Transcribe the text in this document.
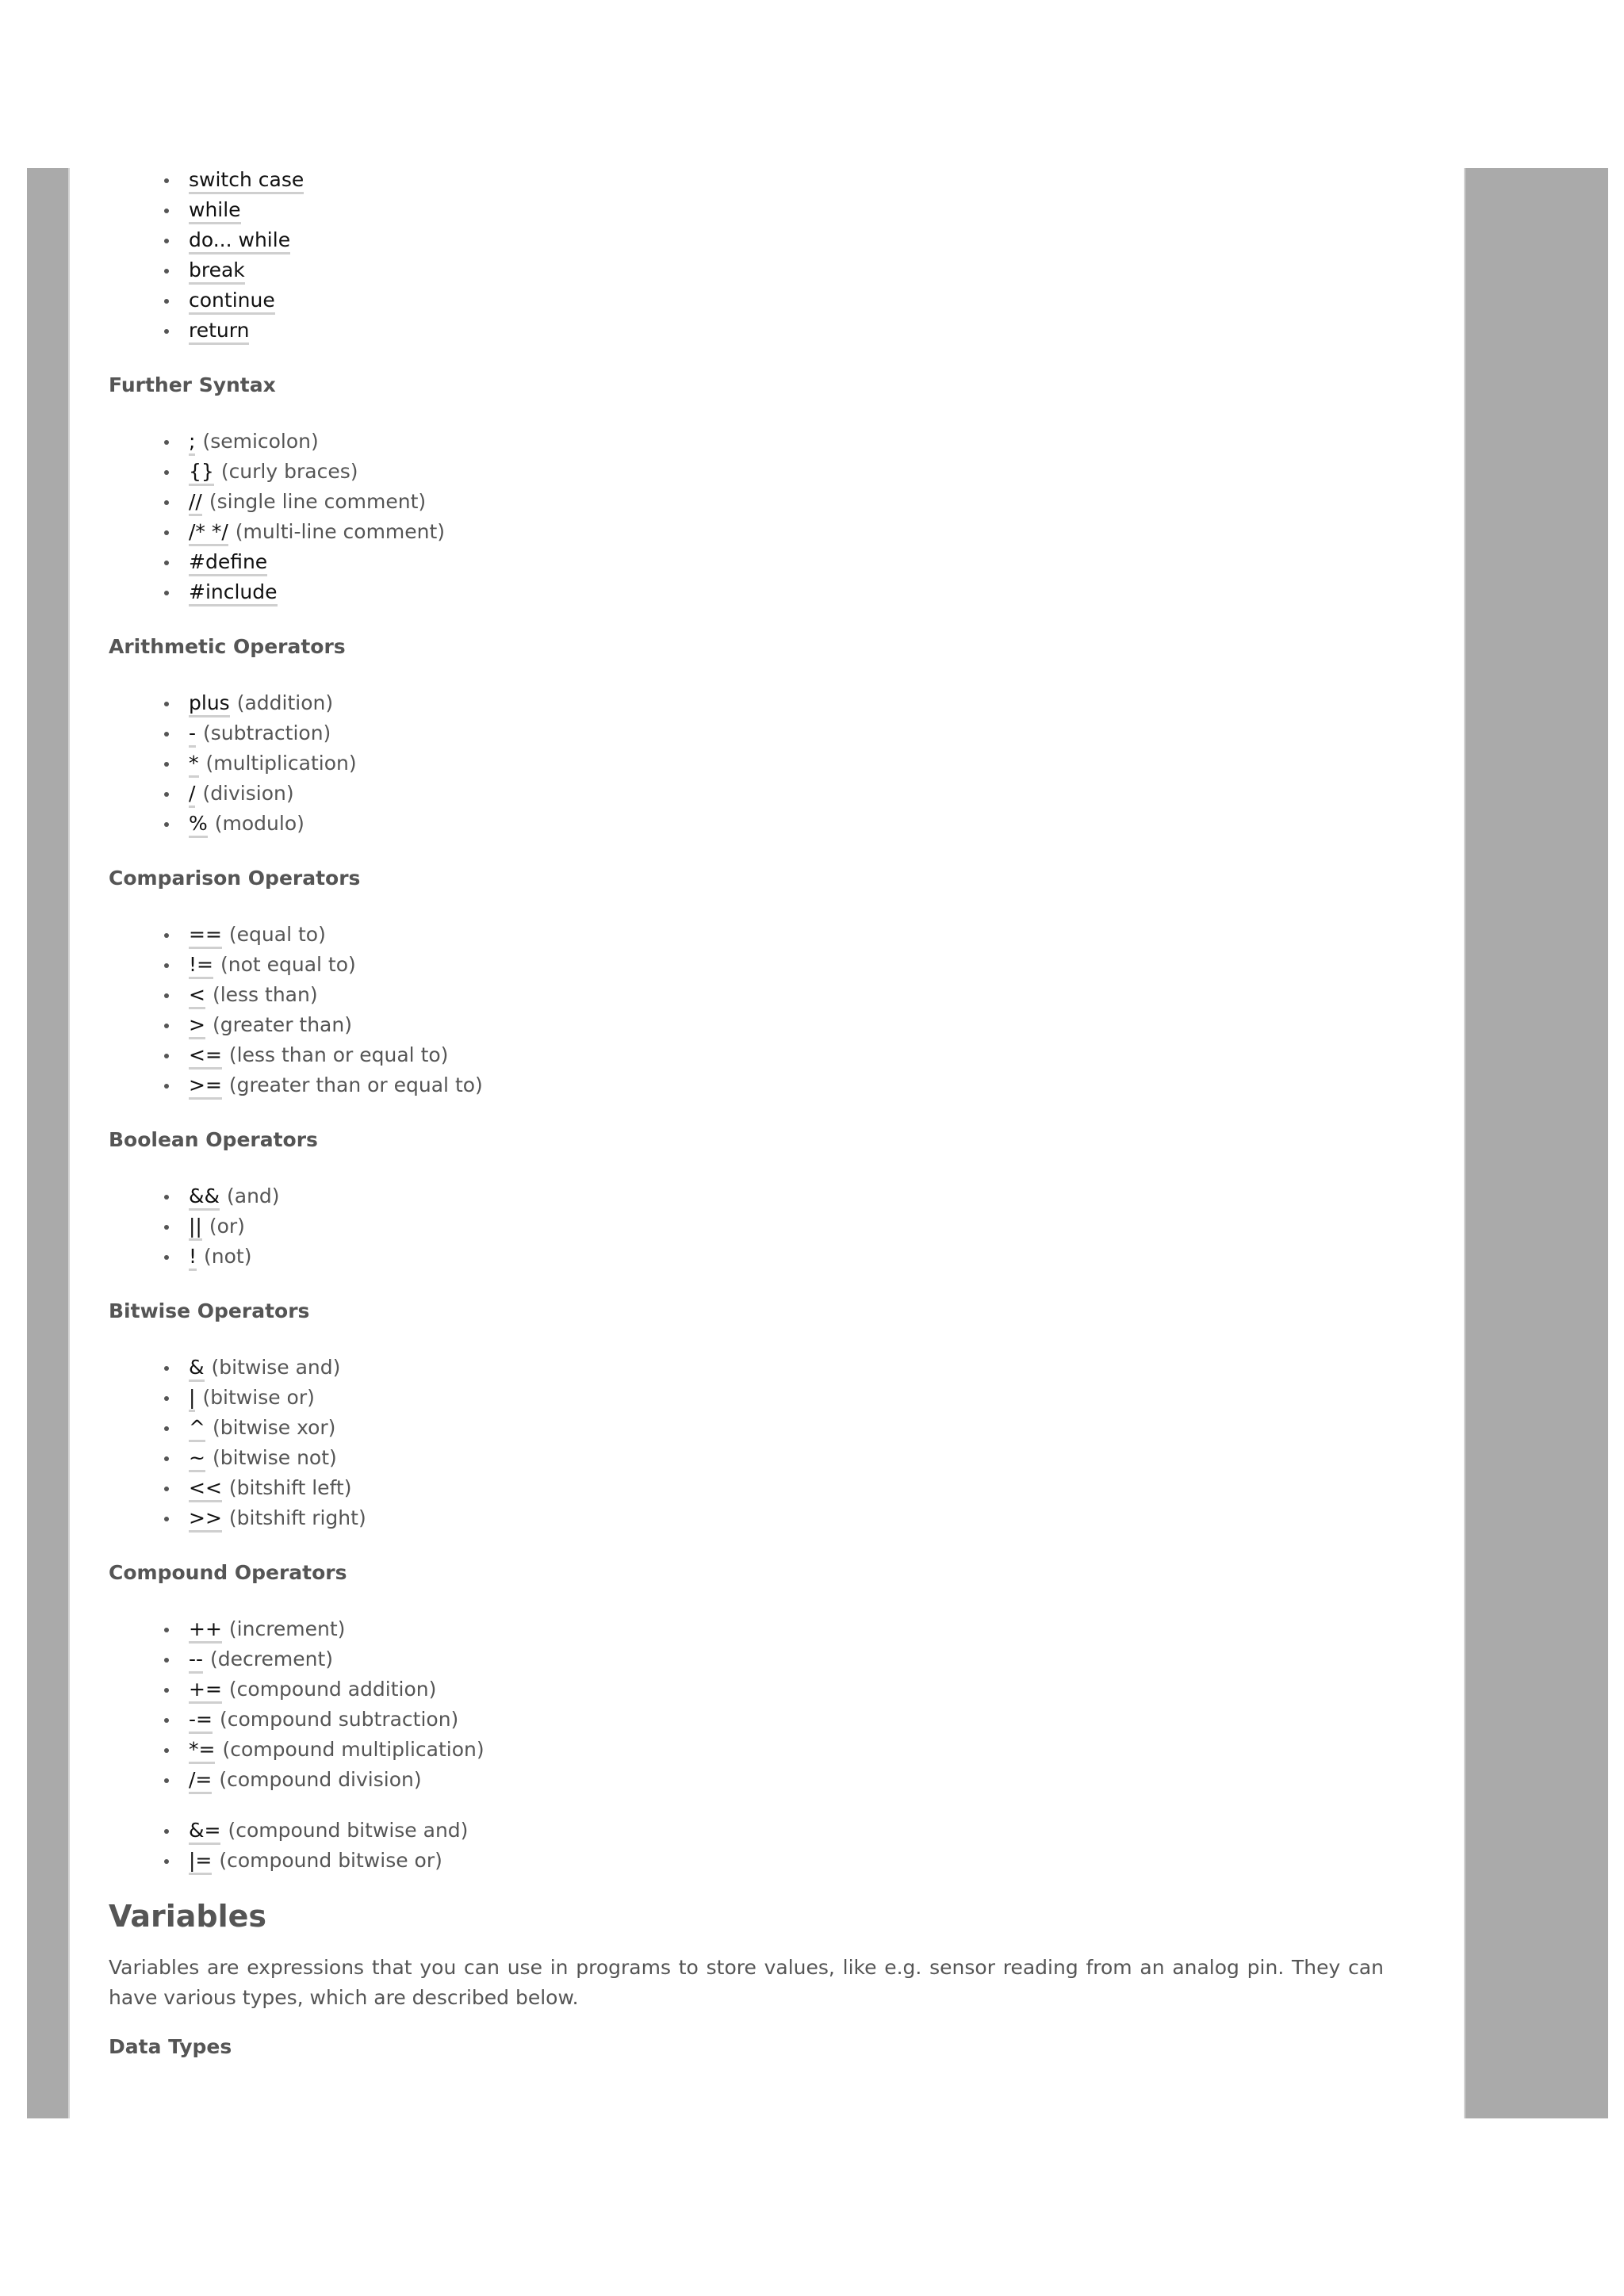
switch case
while
do... while
break
continue
return
Further Syntax
; (semicolon)
{} (curly braces)
// (single line comment)
/* */ (multi-line comment)
#define
#include
Arithmetic Operators
plus (addition)
- (subtraction)
* (multiplication)
/ (division)
% (modulo)
Comparison Operators
== (equal to)
!= (not equal to)
< (less than)
> (greater than)
<= (less than or equal to)
>= (greater than or equal to)
Boolean Operators
&& (and)
|| (or)
! (not)
Bitwise Operators
& (bitwise and)
| (bitwise or)
^ (bitwise xor)
~ (bitwise not)
<< (bitshift left)
>> (bitshift right)
Compound Operators
++ (increment)
-- (decrement)
+= (compound addition)
-= (compound subtraction)
*= (compound multiplication)
/= (compound division)
&= (compound bitwise and)
|= (compound bitwise or)
Variables

Variables are expressions that you can use in programs to store values, like e.g. sensor reading from an analog pin. They can have various types, which are described below.

Data Types
